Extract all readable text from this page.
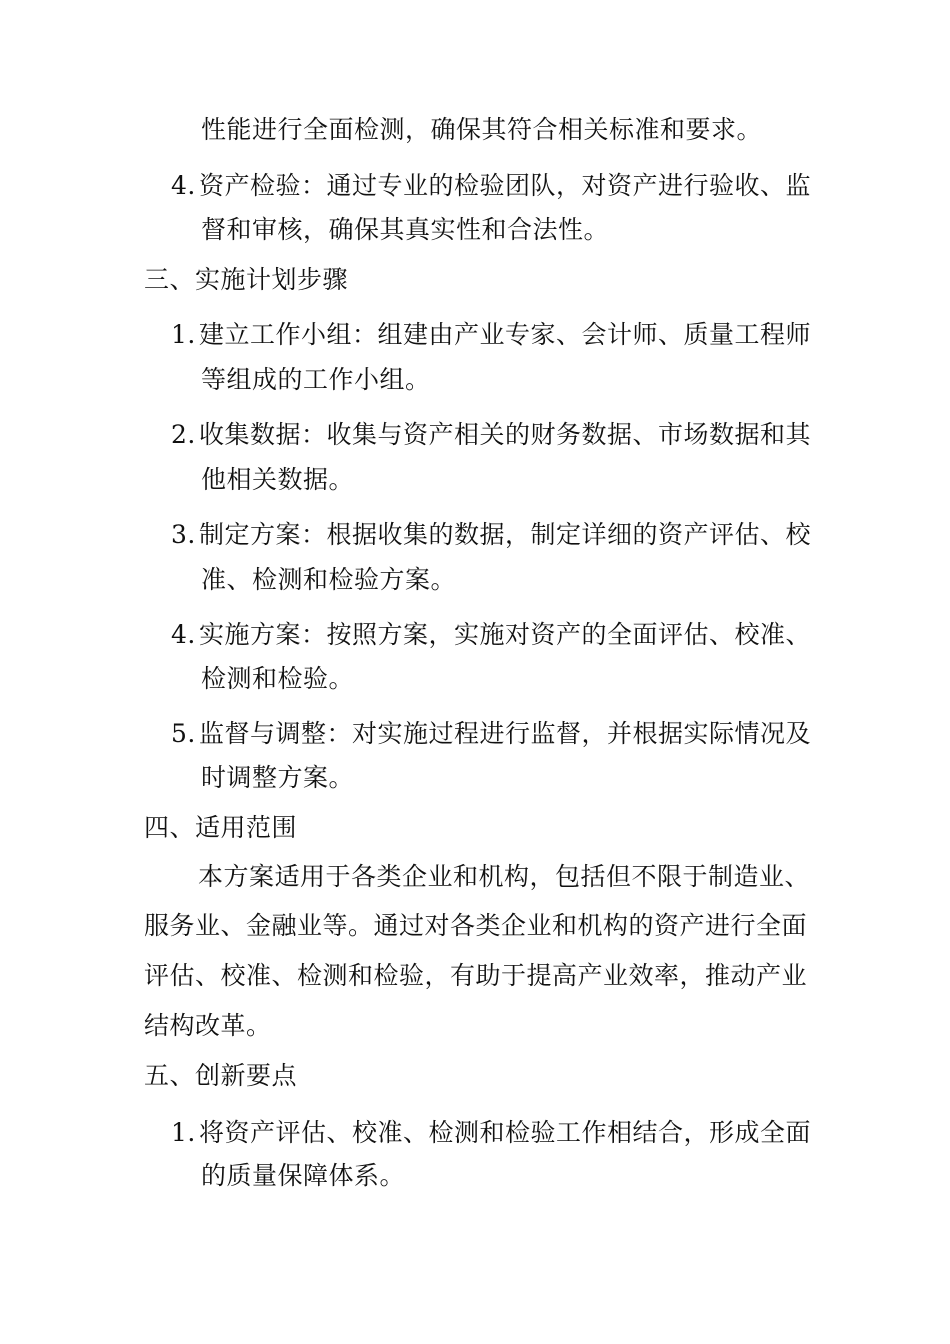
性能进行全面检测，确保其符合相关标准和要求。
4. 资产检验：通过专业的检验团队，对资产进行验收、监
督和审核，确保其真实性和合法性。
三、实施计划步骤
1. 建立工作小组：组建由产业专家、会计师、质量工程师
等组成的工作小组。
2. 收集数据：收集与资产相关的财务数据、市场数据和其
他相关数据。
3. 制定方案：根据收集的数据，制定详细的资产评估、校
准、检测和检验方案。
4. 实施方案：按照方案，实施对资产的全面评估、校准、
检测和检验。
5. 监督与调整：对实施过程进行监督，并根据实际情况及
时调整方案。
四、适用范围
本方案适用于各类企业和机构，包括但不限于制造业、
服务业、金融业等。通过对各类企业和机构的资产进行全面
评估、校准、检测和检验，有助于提高产业效率，推动产业
结构改革。
五、创新要点
1. 将资产评估、校准、检测和检验工作相结合，形成全面
的质量保障体系。
